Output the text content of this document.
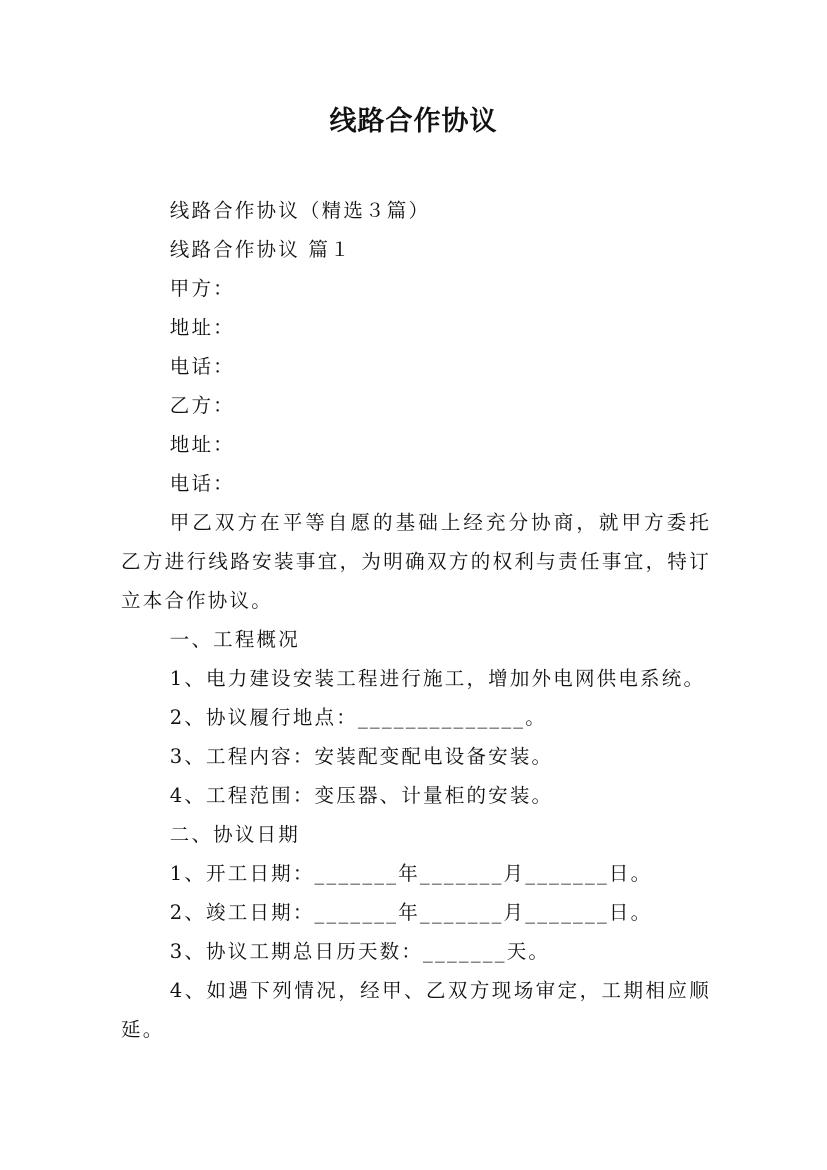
线路合作协议

线路合作协议（精选３篇）

线路合作协议 篇１

甲方：

地址：

电话：

乙方：

地址：

电话：

甲乙双方在平等自愿的基础上经充分协商，就甲方委托乙方进行线路安装事宜，为明确双方的权利与责任事宜，特订立本合作协议。

一、工程概况

1、电力建设安装工程进行施工，增加外电网供电系统。

2、协议履行地点：______________。

3、工程内容：安装配变配电设备安装。

4、工程范围：变压器、计量柜的安装。

二、协议日期

1、开工日期：_______年_______月_______日。

2、竣工日期：_______年_______月_______日。

3、协议工期总日历天数：_______天。

4、如遇下列情况，经甲、乙双方现场审定，工期相应顺延。
